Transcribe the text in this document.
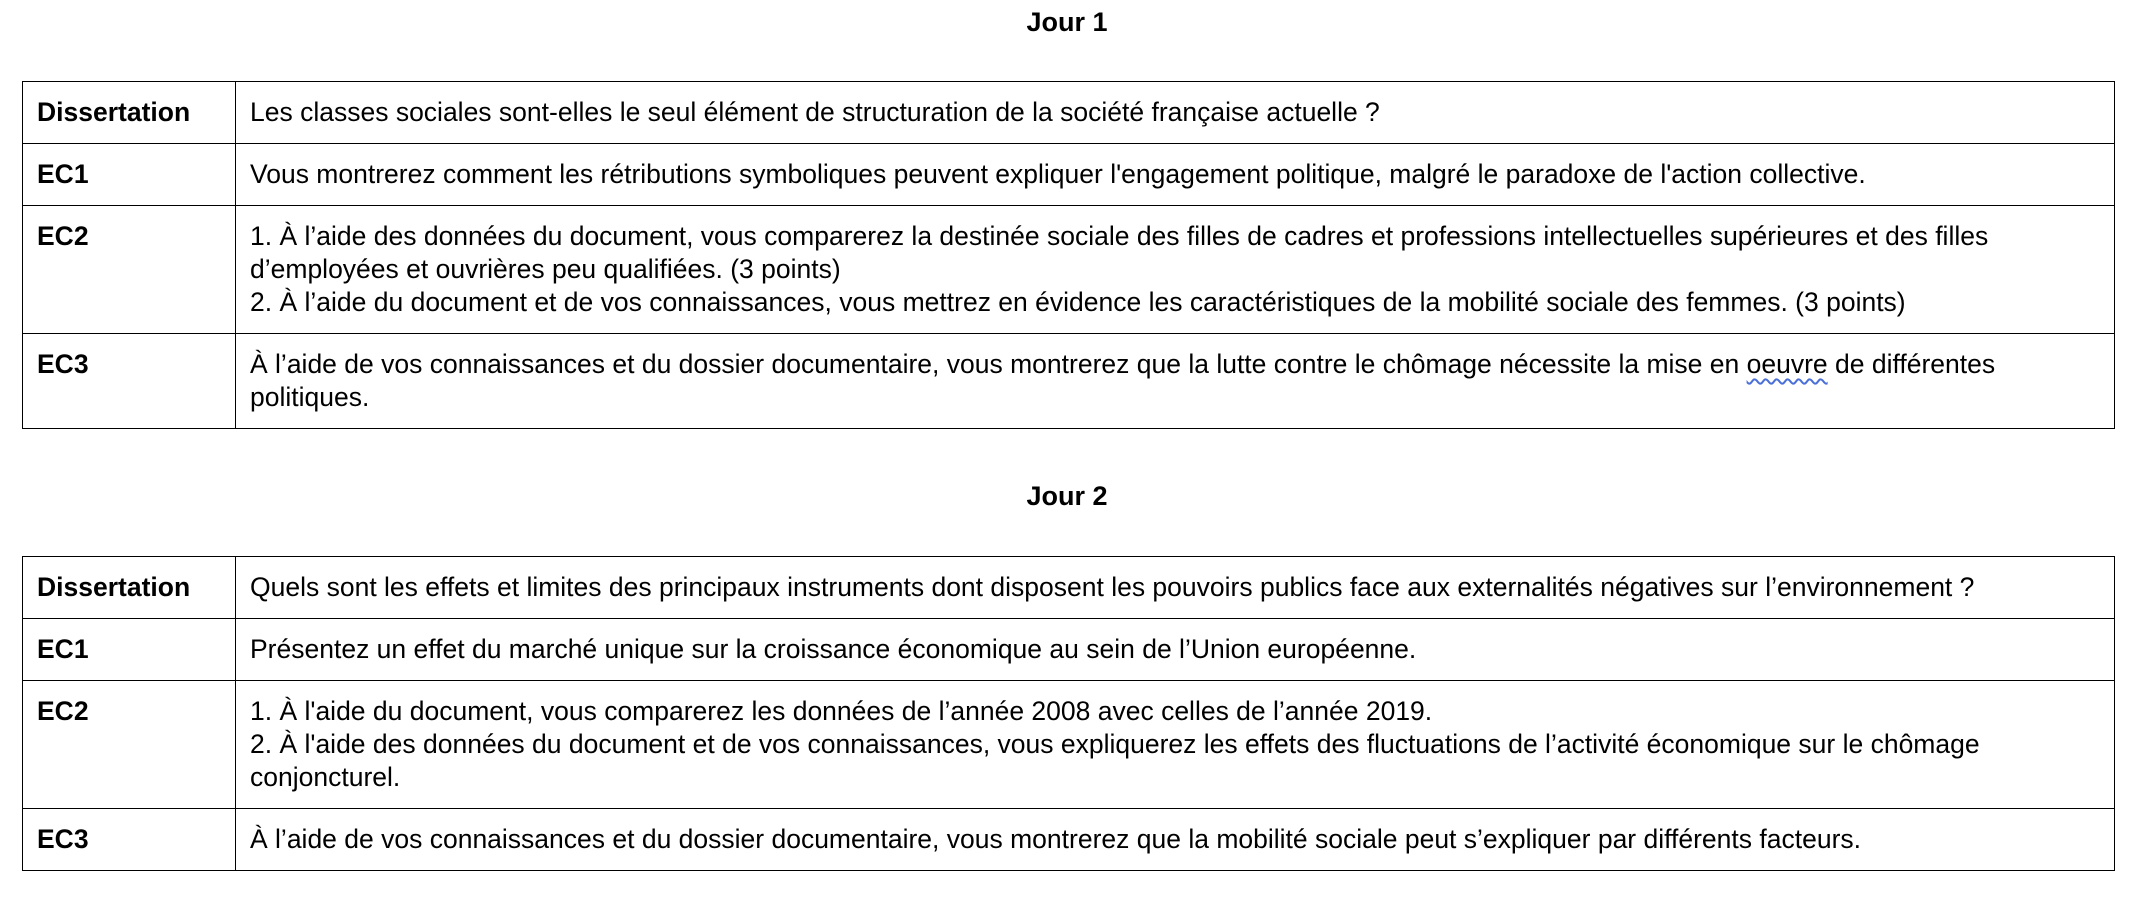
Jour 1
Dissertation	Les classes sociales sont-elles le seul élément de structuration de la société française actuelle ?

EC1	Vous montrerez comment les rétributions symboliques peuvent expliquer l'engagement politique, malgré le paradoxe de l'action collective.

EC2	1. À l’aide des données du document, vous comparerez la destinée sociale des filles de cadres et professions intellectuelles supérieures et des filles d’employées et ouvrières peu qualifiées. (3 points)
2. À l’aide du document et de vos connaissances, vous mettrez en évidence les caractéristiques de la mobilité sociale des femmes. (3 points)

EC3	À l’aide de vos connaissances et du dossier documentaire, vous montrerez que la lutte contre le chômage nécessite la mise en oeuvre de différentes politiques.
Jour 2
Dissertation	Quels sont les effets et limites des principaux instruments dont disposent les pouvoirs publics face aux externalités négatives sur l’environnement ?

EC1	Présentez un effet du marché unique sur la croissance économique au sein de l’Union européenne.

EC2	1. À l'aide du document, vous comparerez les données de l’année 2008 avec celles de l’année 2019.
2. À l'aide des données du document et de vos connaissances, vous expliquerez les effets des fluctuations de l’activité économique sur le chômage conjoncturel.

EC3	À l’aide de vos connaissances et du dossier documentaire, vous montrerez que la mobilité sociale peut s’expliquer par différents facteurs.
